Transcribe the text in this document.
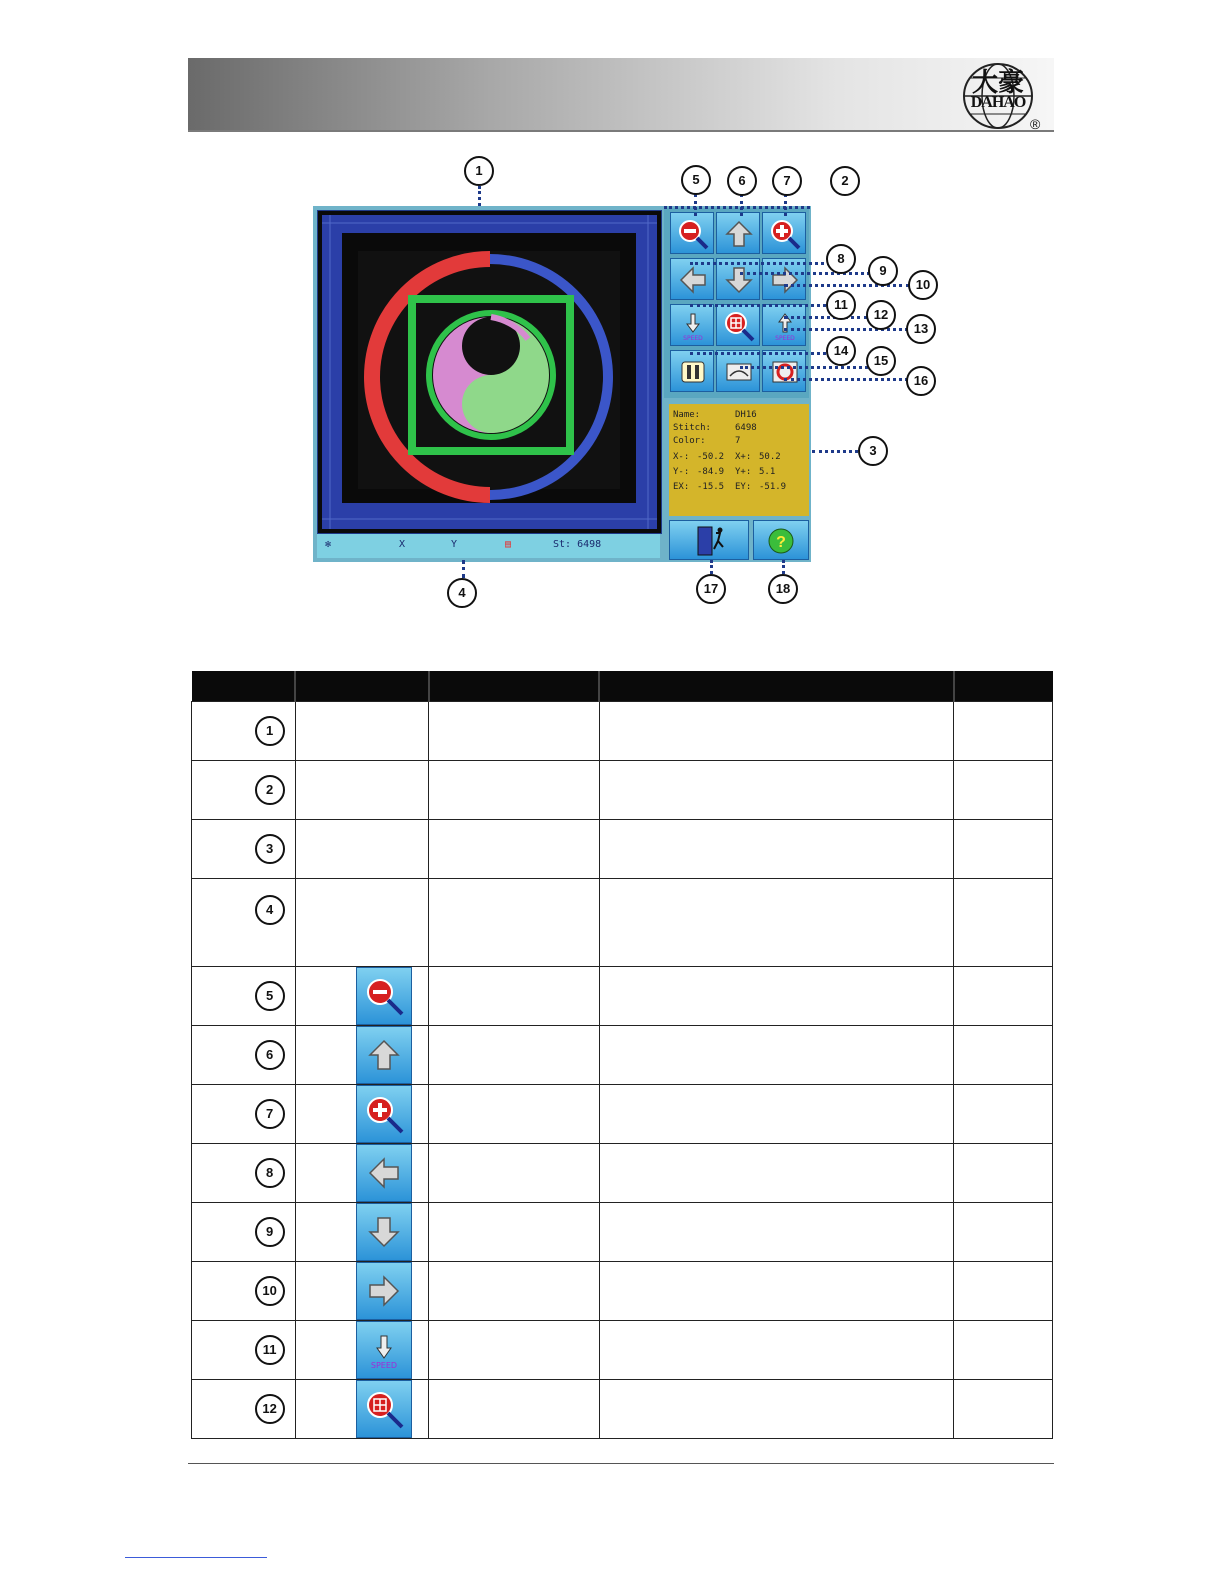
大豪
DAHAO
®
✻	X	Y	▤	St: 6498
SPEED	SPEED
Name:	DH16
Stitch:	6498
Color:	7
X-: -50.2 X+: 50.2
Y-: -84.9 Y+: 5.1
EX: -15.5 EY: -51.9
?
1
2
3
4
5	6	7
8
9
10
11
12
13
14
15
16
17	18

1				
2				
3				
4				
5	

6	

7	

8	

9	

10	

11	SPEED			

12	
